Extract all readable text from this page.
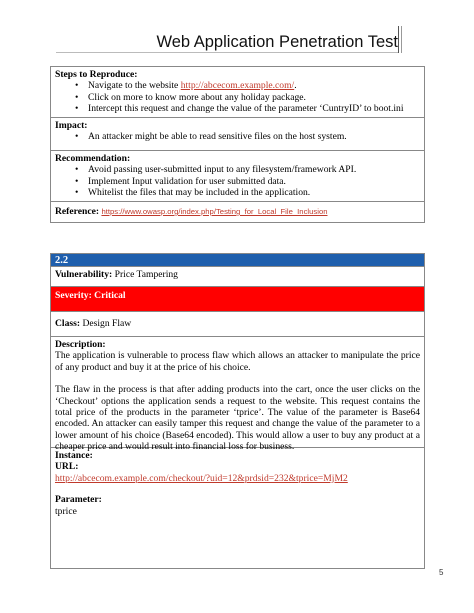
Web Application Penetration Test
Steps to Reproduce:
• Navigate to the website http://abcecom.example.com/.
• Click on more to know more about any holiday package.
• Intercept this request and change the value of the parameter ‘CuntryID’ to boot.ini
Impact:
• An attacker might be able to read sensitive files on the host system.
Recommendation:
• Avoid passing user-submitted input to any filesystem/framework API.
• Implement Input validation for user submitted data.
• Whitelist the files that may be included in the application.
Reference: https://www.owasp.org/index.php/Testing_for_Local_File_Inclusion
2.2
Vulnerability: Price Tampering
Severity: Critical
Class: Design Flaw
Description:

The application is vulnerable to process flaw which allows an attacker to manipulate the price of any product and buy it at the price of his choice.

The flaw in the process is that after adding products into the cart, once the user clicks on the ‘Checkout’ options the application sends a request to the website. This request contains the total price of the products in the parameter ‘tprice’. The value of the parameter is Base64 encoded. An attacker can easily tamper this request and change the value of the parameter to a lower amount of his choice (Base64 encoded). This would allow a user to buy any product at a cheaper price and would result into financial loss for business.

Instance:
URL:
http://abcecom.example.com/checkout/?uid=12&prdsid=232&tprice=MjM2
Parameter:
tprice
5
